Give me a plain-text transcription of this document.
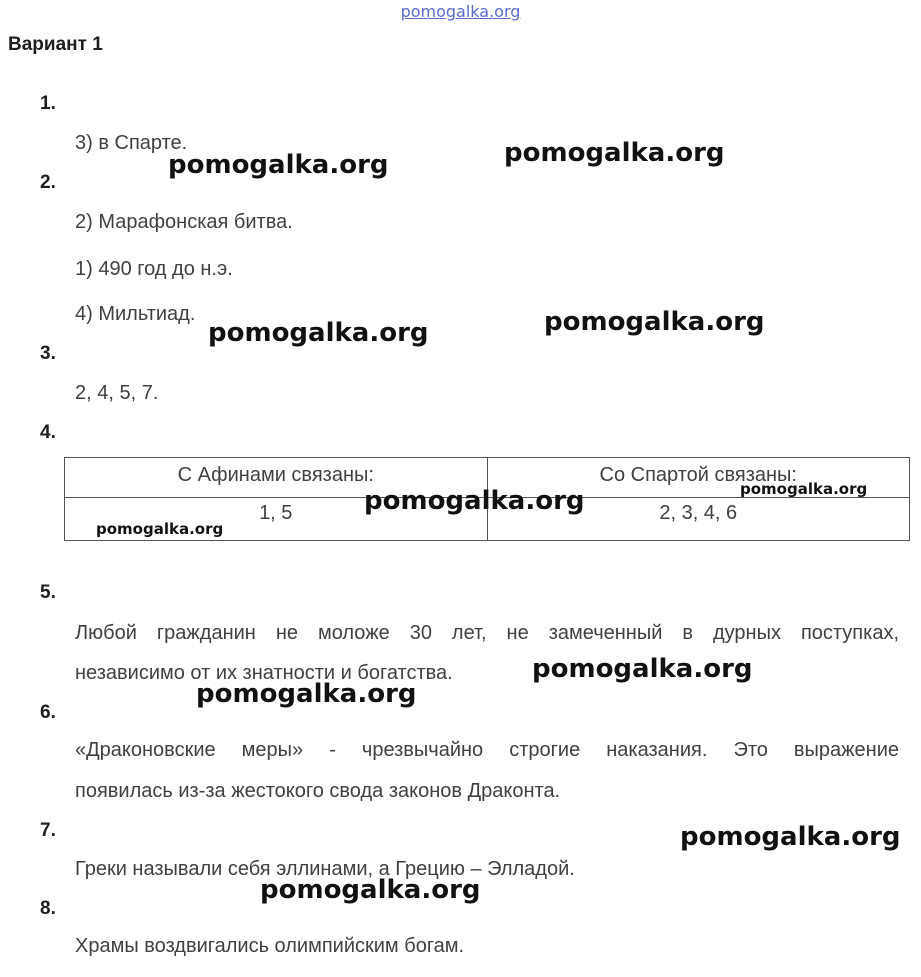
pomogalka.org
Вариант 1
1.
3) в Спарте.
2.
2) Марафонская битва.
1) 490 год до н.э.
4) Мильтиад.
3.
2, 4, 5, 7.
4.
С Афинами связаны:	Со Спартой связаны:
1, 5	2, 3, 4, 6
5.
Любой гражданин не моложе 30 лет, не замеченный в дурных поступках,
независимо от их знатности и богатства.
6.
«Драконовские меры» - чрезвычайно строгие наказания. Это выражение
появилась из-за жестокого свода законов Драконта.
7.
Греки называли себя эллинами, а Грецию – Элладой.
8.
Храмы воздвигались олимпийским богам.
pomogalka.org	pomogalka.org
pomogalka.org	pomogalka.org
pomogalka.org	pomogalka.org
pomogalka.org
pomogalka.org
pomogalka.org
pomogalka.org
pomogalka.org
